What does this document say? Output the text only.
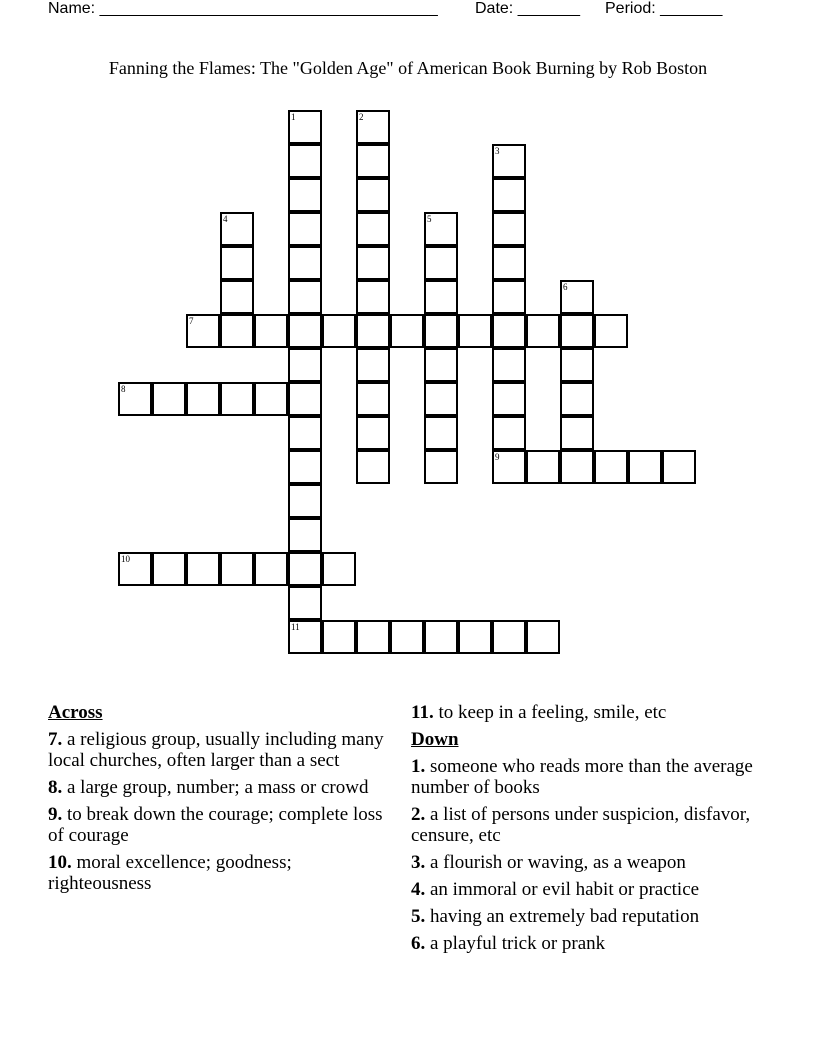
Name: ______________________________________ Date: _______ Period: _______
Fanning the Flames: The "Golden Age" of American Book Burning by Rob Boston
1
11
2
3
9
4	5
6
7
8
10
Across
7. a religious group, usually including many local churches, often larger than a sect
8. a large group, number; a mass or crowd
9. to break down the courage; complete loss of courage
10. moral excellence; goodness; righteousness
11. to keep in a feeling, smile, etc
Down
1. someone who reads more than the average number of books
2. a list of persons under suspicion, disfavor, censure, etc
3. a flourish or waving, as a weapon
4. an immoral or evil habit or practice
5. having an extremely bad reputation
6. a playful trick or prank
